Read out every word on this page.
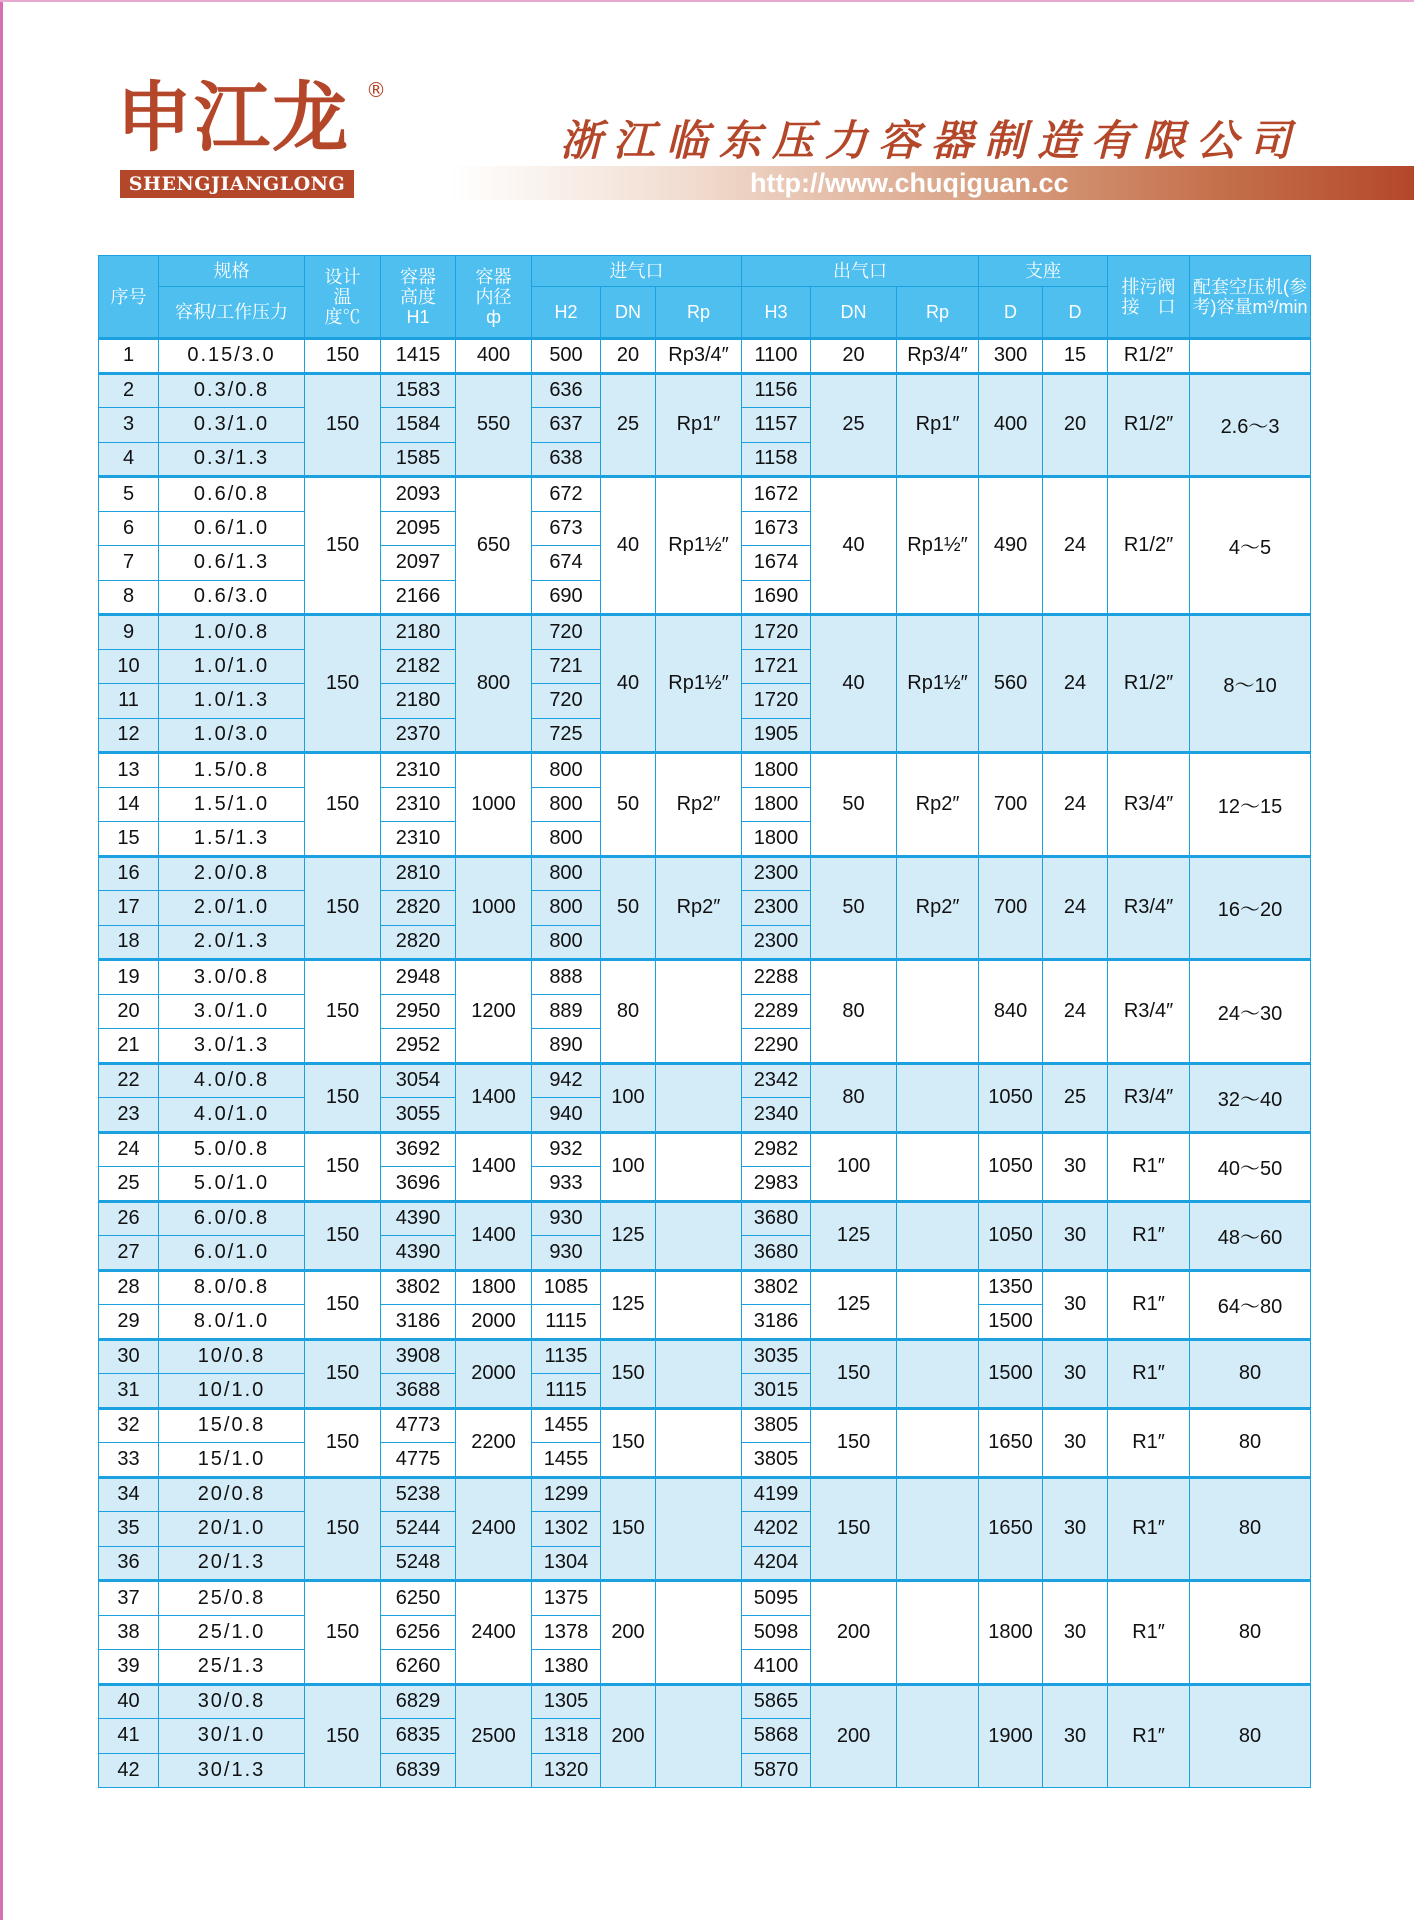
申江龙 ®
SHENGJIANGLONG
浙江临东压力容器制造有限公司
http://www.chuqiguan.cc
序号	规格	设计温度℃	容器高度H1	容器内径ф	进气口			出气口			支座		排污阀接　口	配套空压机(参考)容量m³/min
	容积/工作压力				H2	DN	Rp	H3	DN	Rp	D	D		
1	0.15/3.0	150	1415	400	500	20	Rp3/4″	1100	20	Rp3/4″	300	15	R1/2″	
2	0.3/0.8	150	1583	550	636	25	Rp1″	1156	25	Rp1″	400	20	R1/2″	2.6～3
3	0.3/1.0		1584		637			1157						
4	0.3/1.3		1585		638			1158						
5	0.6/0.8	150	2093	650	672	40	Rp1½″	1672	40	Rp1½″	490	24	R1/2″	4～5
6	0.6/1.0		2095		673			1673						
7	0.6/1.3		2097		674			1674						
8	0.6/3.0		2166		690			1690						
9	1.0/0.8	150	2180	800	720	40	Rp1½″	1720	40	Rp1½″	560	24	R1/2″	8～10
10	1.0/1.0		2182		721			1721						
11	1.0/1.3		2180		720			1720						
12	1.0/3.0		2370		725			1905						
13	1.5/0.8	150	2310	1000	800	50	Rp2″	1800	50	Rp2″	700	24	R3/4″	12～15
14	1.5/1.0		2310		800			1800						
15	1.5/1.3		2310		800			1800						
16	2.0/0.8	150	2810	1000	800	50	Rp2″	2300	50	Rp2″	700	24	R3/4″	16～20
17	2.0/1.0		2820		800			2300						
18	2.0/1.3		2820		800			2300						
19	3.0/0.8	150	2948	1200	888	80		2288	80		840	24	R3/4″	24～30
20	3.0/1.0		2950		889			2289						
21	3.0/1.3		2952		890			2290						
22	4.0/0.8	150	3054	1400	942	100		2342	80		1050	25	R3/4″	32～40
23	4.0/1.0		3055		940			2340						
24	5.0/0.8	150	3692	1400	932	100		2982	100		1050	30	R1″	40～50
25	5.0/1.0		3696		933			2983						
26	6.0/0.8	150	4390	1400	930	125		3680	125		1050	30	R1″	48～60
27	6.0/1.0		4390		930			3680						
28	8.0/0.8	150	3802	1800	1085	125		3802	125		1350	30	R1″	64～80
29	8.0/1.0		3186	2000	1115			3186			1500			
30	10/0.8	150	3908	2000	1135	150		3035	150		1500	30	R1″	80
31	10/1.0		3688		1115			3015						
32	15/0.8	150	4773	2200	1455	150		3805	150		1650	30	R1″	80
33	15/1.0		4775		1455			3805						
34	20/0.8	150	5238	2400	1299	150		4199	150		1650	30	R1″	80
35	20/1.0		5244		1302			4202						
36	20/1.3		5248		1304			4204						
37	25/0.8	150	6250	2400	1375	200		5095	200		1800	30	R1″	80
38	25/1.0		6256		1378			5098						
39	25/1.3		6260		1380			4100						
40	30/0.8	150	6829	2500	1305	200		5865	200		1900	30	R1″	80
41	30/1.0		6835		1318			5868						
42	30/1.3		6839		1320			5870						
